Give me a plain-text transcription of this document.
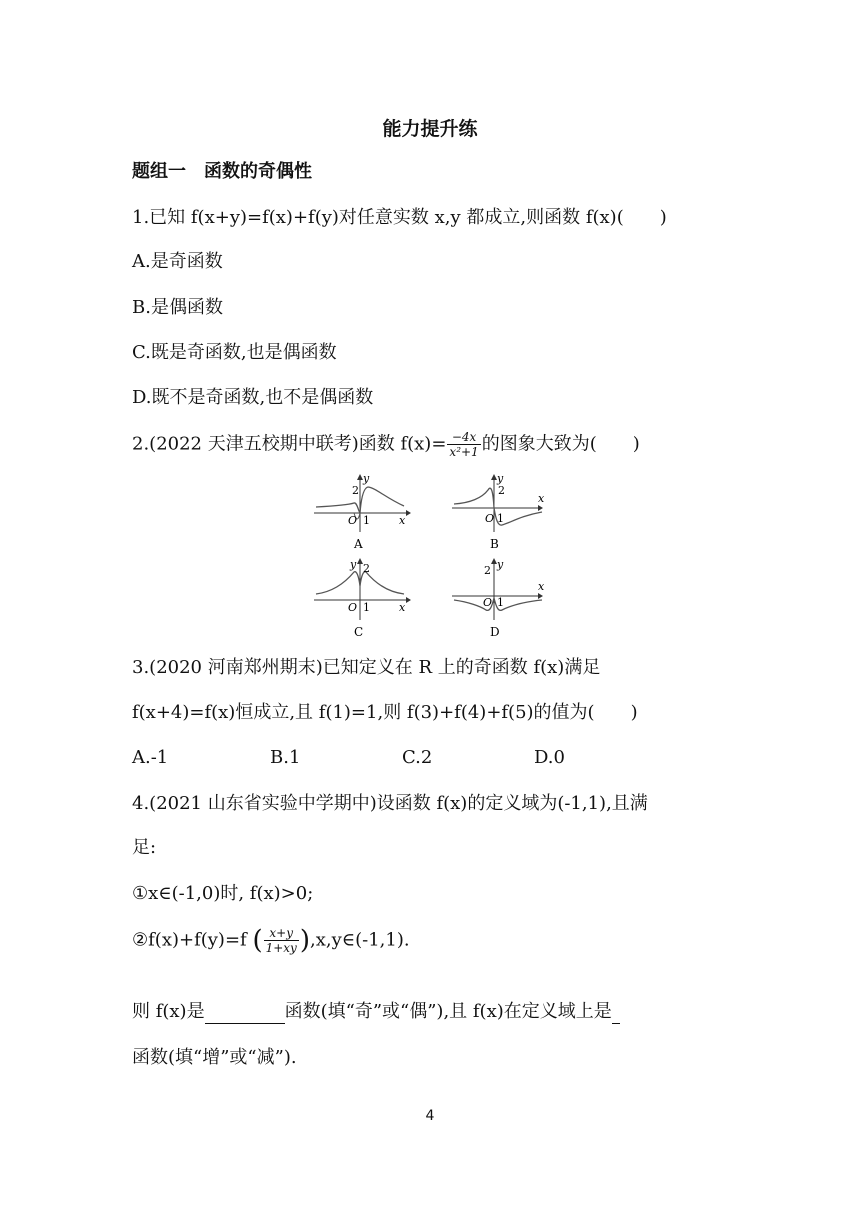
能力提升练
题组一　函数的奇偶性
1.已知 f(x+y)=f(x)+f(y)对任意实数 x,y 都成立,则函数 f(x)(　　)
A.是奇函数
B.是偶函数
C.既是奇函数,也是偶函数
D.既不是奇函数,也不是偶函数
2.(2022 天津五校期中联考)函数 $f(x)= \frac{-4x}{\text{x²+1}}$ 的图象大致为(　　)
2
y
O 1	x
A
2
y
O 1
x
B
2
y
O 1	x
C
2 y
O 1
x
D
3.(2020 河南郑州期末)已知定义在 R 上的奇函数 f(x)满足
f(x+4)=f(x)恒成立,且 f(1)=1,则 f(3)+f(4)+f(5)的值为(　　)
A.-1	B.1	C.2	D.0
4.(2021 山东省实验中学期中)设函数 f(x)的定义域为(-1,1),且满
足:
①x∈(-1,0)时, f(x)>0;
②f(x)+f(y)=f ( $\frac{x+y}{1+xy}$ ),x,y∈(-1,1).
则 f(x)是	函数(填“奇”或“偶”),且 f(x)在定义域上是
函数(填“增”或“减”).
4
